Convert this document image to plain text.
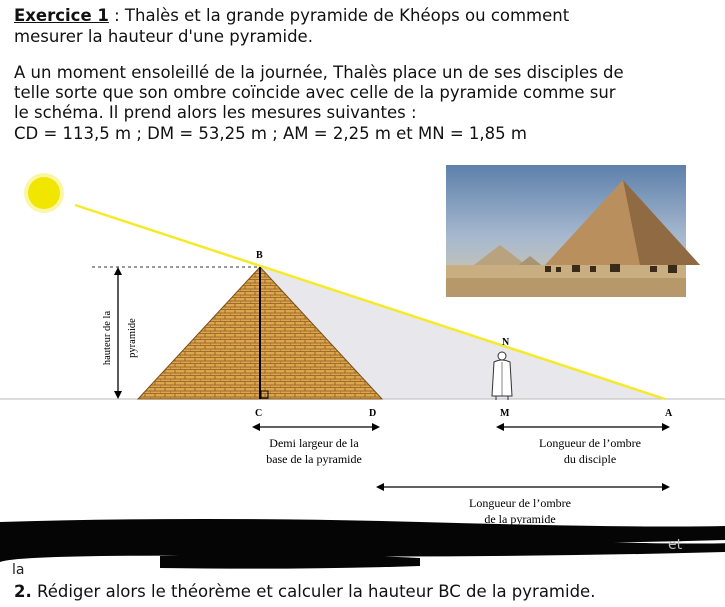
Exercice 1 : Thalès et la grande pyramide de Khéops ou comment
mesurer la hauteur d'une pyramide.
A un moment ensoleillé de la journée, Thalès place un de ses disciples de
telle sorte que son ombre coïncide avec celle de la pyramide comme sur
le schéma. Il prend alors les mesures suivantes :
CD = 113,5 m ; DM = 53,25 m ; AM = 2,25 m et MN = 1,85 m
hauteur de la pyramide
B
N
C	D	M	A
Demi largeur de la
base de la pyramide
Longueur de l’ombre
du disciple
Longueur de l’ombre
de la pyramide
la
et
2. Rédiger alors le théorème et calculer la hauteur BC de la pyramide.
